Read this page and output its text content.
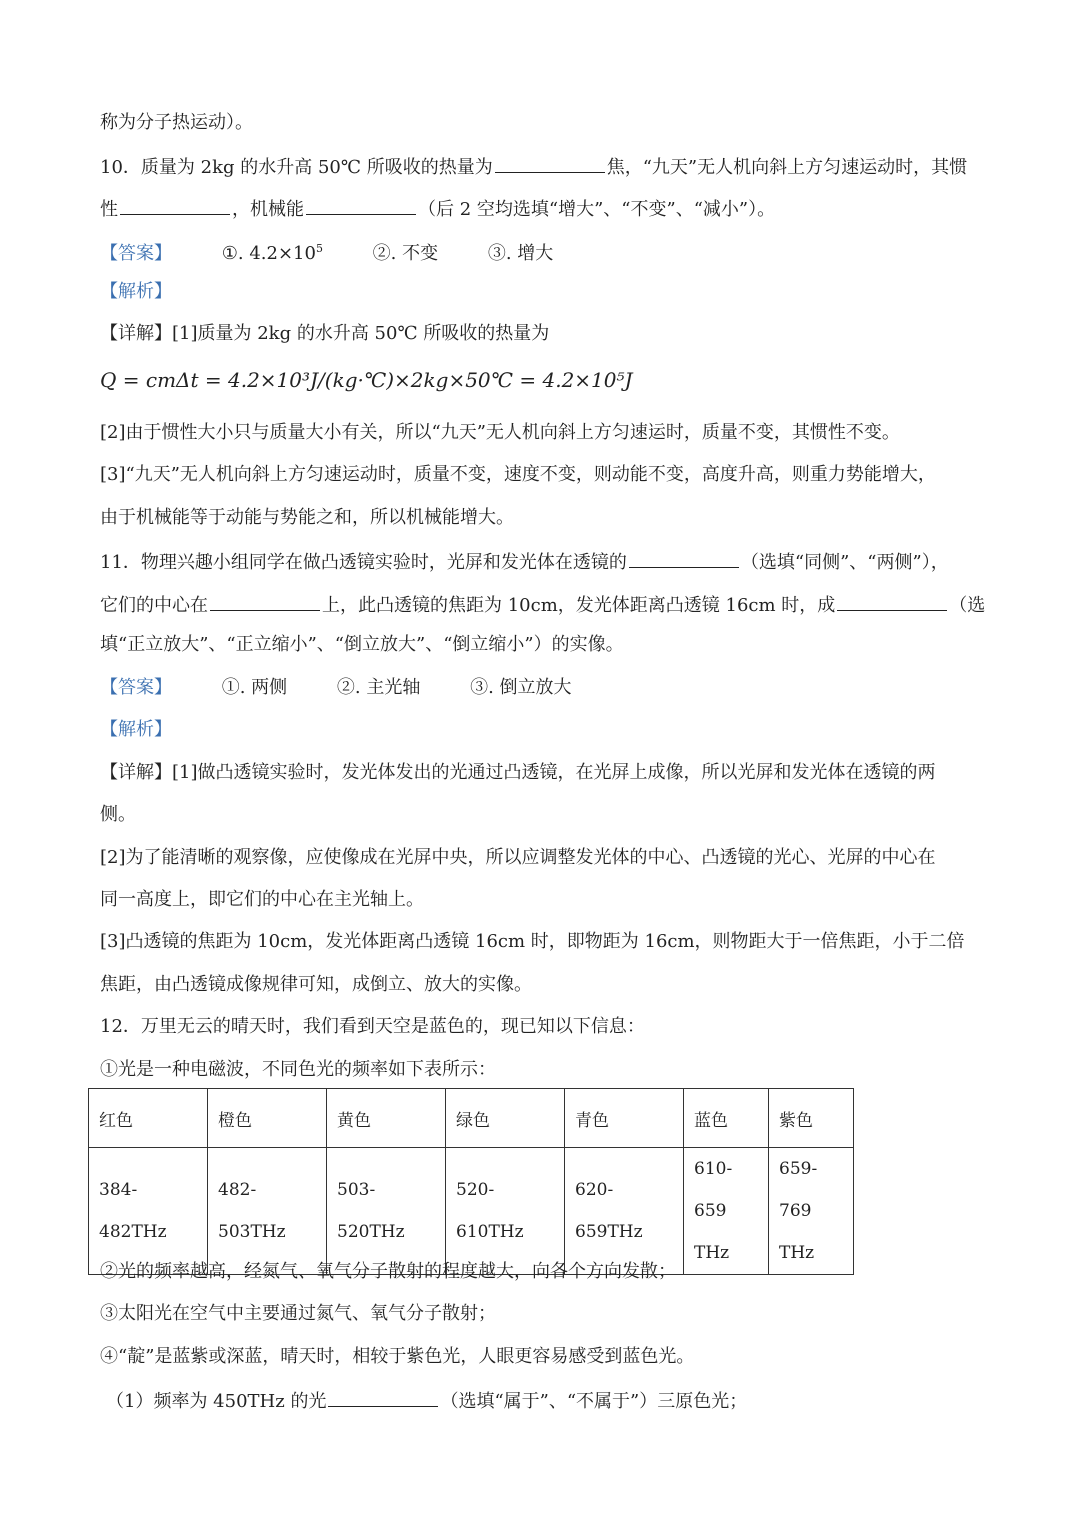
称为分子热运动）。
10．质量为 2kg 的水升高 50℃ 所吸收的热量为	焦，“九天”无人机向斜上方匀速运动时，其惯
性	，机械能	（后 2 空均选填“增大”、“不变”、“减小”）。
【答案】	①. $4.2\times 10^5$	②. 不变	③. 增大
【解析】
【详解】[1]质量为 2kg 的水升高 50℃ 所吸收的热量为
Q = cmΔt = 4.2×10³J/(kg·℃)×2kg×50℃ = 4.2×10⁵J
[2]由于惯性大小只与质量大小有关，所以“九天”无人机向斜上方匀速运时，质量不变，其惯性不变。
[3]“九天”无人机向斜上方匀速运动时，质量不变，速度不变，则动能不变，高度升高，则重力势能增大，
由于机械能等于动能与势能之和，所以机械能增大。
11．物理兴趣小组同学在做凸透镜实验时，光屏和发光体在透镜的	（选填“同侧”、“两侧”），
它们的中心在	上，此凸透镜的焦距为 10cm，发光体距离凸透镜 16cm 时，成	（选
填“正立放大”、“正立缩小”、“倒立放大”、“倒立缩小”）的实像。
【答案】	①. 两侧	②. 主光轴	③. 倒立放大
【解析】
【详解】[1]做凸透镜实验时，发光体发出的光通过凸透镜，在光屏上成像，所以光屏和发光体在透镜的两
侧。
[2]为了能清晰的观察像，应使像成在光屏中央，所以应调整发光体的中心、凸透镜的光心、光屏的中心在
同一高度上，即它们的中心在主光轴上。
[3]凸透镜的焦距为 10cm，发光体距离凸透镜 16cm 时，即物距为 16cm，则物距大于一倍焦距，小于二倍
焦距，由凸透镜成像规律可知，成倒立、放大的实像。
12．万里无云的晴天时，我们看到天空是蓝色的，现已知以下信息：
①光是一种电磁波，不同色光的频率如下表所示：
红色	橙色	黄色	绿色	青色	蓝色	紫色
384-482THz	482-503THz	503-520THz	520-610THz	620-659THz	610-659 THz	659-769 THz
②光的频率越高，经氮气、氧气分子散射的程度越大，向各个方向发散；
③太阳光在空气中主要通过氮气、氧气分子散射；
④“靛”是蓝紫或深蓝，晴天时，相较于紫色光，人眼更容易感受到蓝色光。
（1）频率为 450THz 的光	（选填“属于”、“不属于”）三原色光；
